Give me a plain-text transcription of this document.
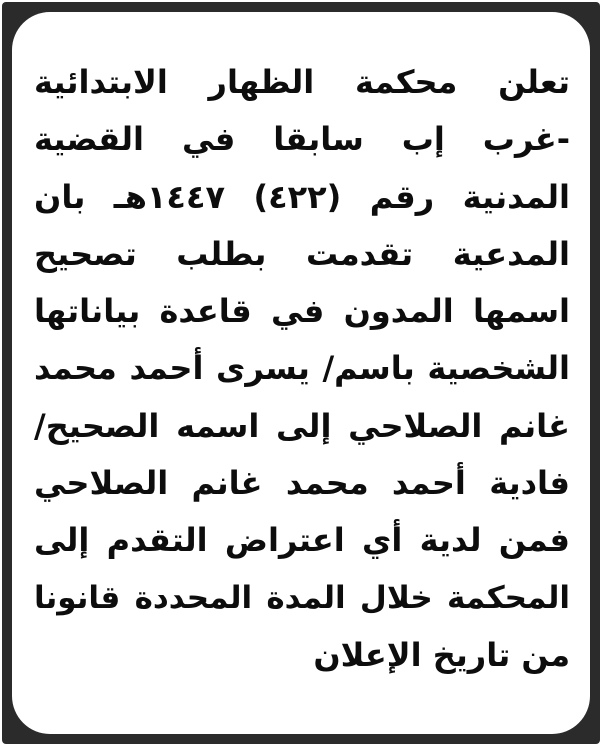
تعلن محكمة الظهار الابتدائية
-غرب إب سابقا في القضية
المدنية رقم (٤٢٢) ١٤٤٧هـ بان
المدعية تقدمت بطلب تصحيح
اسمها المدون في قاعدة بياناتها
الشخصية باسم/ يسرى أحمد محمد
غانم الصلاحي إلى اسمه الصحيح/
فادية أحمد محمد غانم الصلاحي
فمن لدية أي اعتراض التقدم إلى
المحكمة خلال المدة المحددة قانونا
من تاريخ الإعلان
